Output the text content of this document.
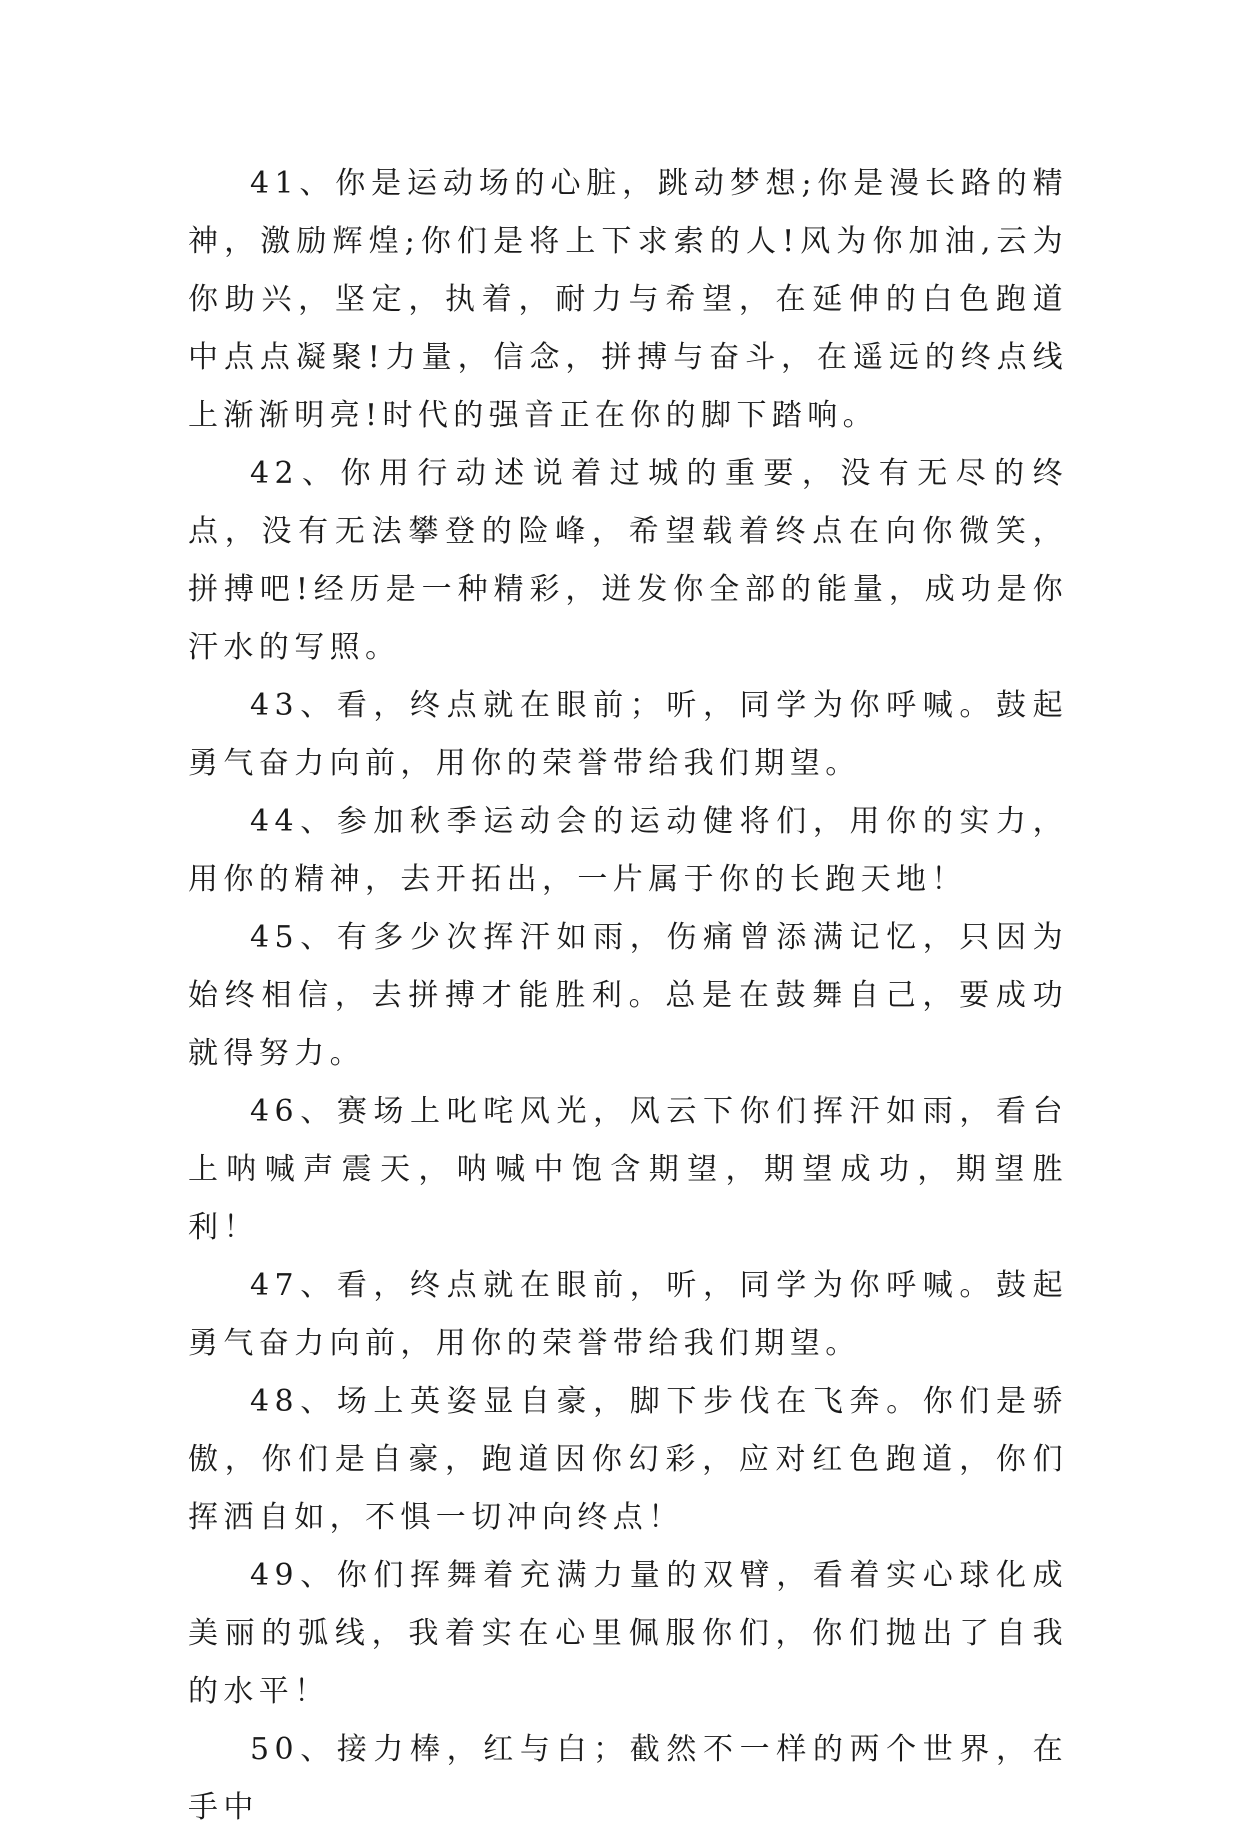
41、你是运动场的心脏，跳动梦想;你是漫长路的精神，激励辉煌;你们是将上下求索的人!风为你加油,云为你助兴，坚定，执着，耐力与希望，在延伸的白色跑道中点点凝聚!力量，信念，拼搏与奋斗，在遥远的终点线上渐渐明亮!时代的强音正在你的脚下踏响。

42、你用行动述说着过城的重要，没有无尽的终点，没有无法攀登的险峰，希望载着终点在向你微笑，拼搏吧!经历是一种精彩，迸发你全部的能量，成功是你汗水的写照。

43、看，终点就在眼前；听，同学为你呼喊。鼓起勇气奋力向前，用你的荣誉带给我们期望。

44、参加秋季运动会的运动健将们，用你的实力，用你的精神，去开拓出，一片属于你的长跑天地！

45、有多少次挥汗如雨，伤痛曾添满记忆，只因为始终相信，去拼搏才能胜利。总是在鼓舞自己，要成功就得努力。

46、赛场上叱咤风光，风云下你们挥汗如雨，看台上呐喊声震天，呐喊中饱含期望，期望成功，期望胜利！

47、看，终点就在眼前，听，同学为你呼喊。鼓起勇气奋力向前，用你的荣誉带给我们期望。

48、场上英姿显自豪，脚下步伐在飞奔。你们是骄傲，你们是自豪，跑道因你幻彩，应对红色跑道，你们挥洒自如，不惧一切冲向终点！

49、你们挥舞着充满力量的双臂，看着实心球化成美丽的弧线，我着实在心里佩服你们，你们抛出了自我的水平！

50、接力棒，红与白；截然不一样的两个世界，在手中
